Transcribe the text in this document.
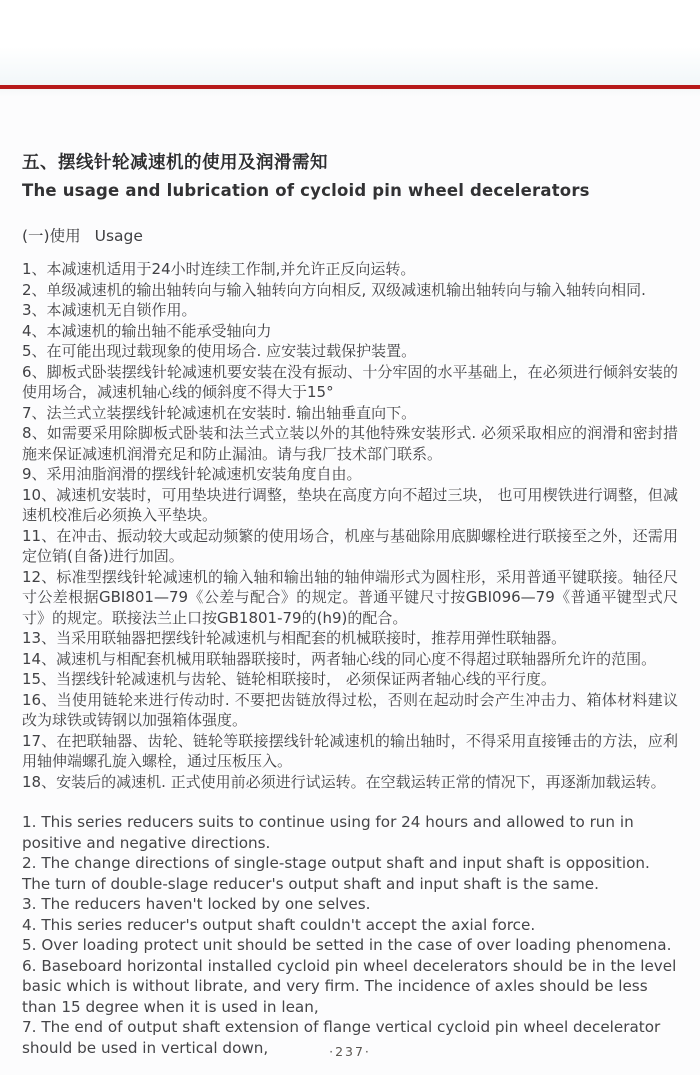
五、摆线针轮减速机的使用及润滑需知
The usage and lubrication of cycloid pin wheel decelerators
(一)使用 Usage

1、本减速机适用于24小时连续工作制,并允许正反向运转。

2、单级减速机的输出轴转向与输入轴转向方向相反, 双级减速机输出轴转向与输入轴转向相同.

3、本减速机无自锁作用。

4、本减速机的输出轴不能承受轴向力

5、在可能出现过载现象的使用场合. 应安装过载保护装置。

6、脚板式卧装摆线针轮减速机要安装在没有振动、十分牢固的水平基础上，在必须进行倾斜安装的使用场合，减速机轴心线的倾斜度不得大于15°

7、法兰式立装摆线针轮减速机在安装时. 输出轴垂直向下。

8、如需要采用除脚板式卧装和法兰式立装以外的其他特殊安装形式. 必须采取相应的润滑和密封措施来保证减速机润滑充足和防止漏油。请与我厂技术部门联系。

9、采用油脂润滑的摆线针轮减速机安装角度自由。

10、减速机安装时，可用垫块进行调整，垫块在高度方向不超过三块， 也可用楔铁进行调整，但减速机校准后必须换入平垫块。

11、在冲击、振动较大或起动频繁的使用场合，机座与基础除用底脚螺栓进行联接至之外，还需用定位销(自备)进行加固。

12、标准型摆线针轮减速机的输入轴和输出轴的轴伸端形式为圆柱形，采用普通平键联接。轴径尺寸公差根据GBI801—79《公差与配合》的规定。普通平键尺寸按GBI096—79《普通平键型式尺寸》的规定。联接法兰止口按GB1801-79的(h9)的配合。

13、当采用联轴器把摆线针轮减速机与相配套的机械联接时，推荐用弹性联轴器。

14、减速机与相配套机械用联轴器联接时，两者轴心线的同心度不得超过联轴器所允许的范围。

15、当摆线针轮减速机与齿轮、链轮相联接时， 必须保证两者轴心线的平行度。

16、当使用链轮来进行传动时. 不要把齿链放得过松，否则在起动时会产生冲击力、箱体材料建议改为球铁或铸钢以加强箱体强度。

17、在把联轴器、齿轮、链轮等联接摆线针轮减速机的输出轴时，不得采用直接锤击的方法，应利用轴伸端螺孔旋入螺栓，通过压板压入。

18、安装后的减速机. 正式使用前必须进行试运转。在空载运转正常的情况下，再逐渐加载运转。

1. This series reducers suits to continue using for 24 hours and allowed to run in positive and negative directions.

2. The change directions of single-stage output shaft and input shaft is opposition. The turn of double-slage reducer's output shaft and input shaft is the same.

3. The reducers haven't locked by one selves.

4. This series reducer's output shaft couldn't accept the axial force.

5. Over loading protect unit should be setted in the case of over loading phenomena.

6. Baseboard horizontal installed cycloid pin wheel decelerators should be in the level basic which is without librate, and very firm. The incidence of axles should be less than 15 degree when it is used in lean,

7. The end of output shaft extension of flange vertical cycloid pin wheel decelerator should be used in vertical down,	·237·
